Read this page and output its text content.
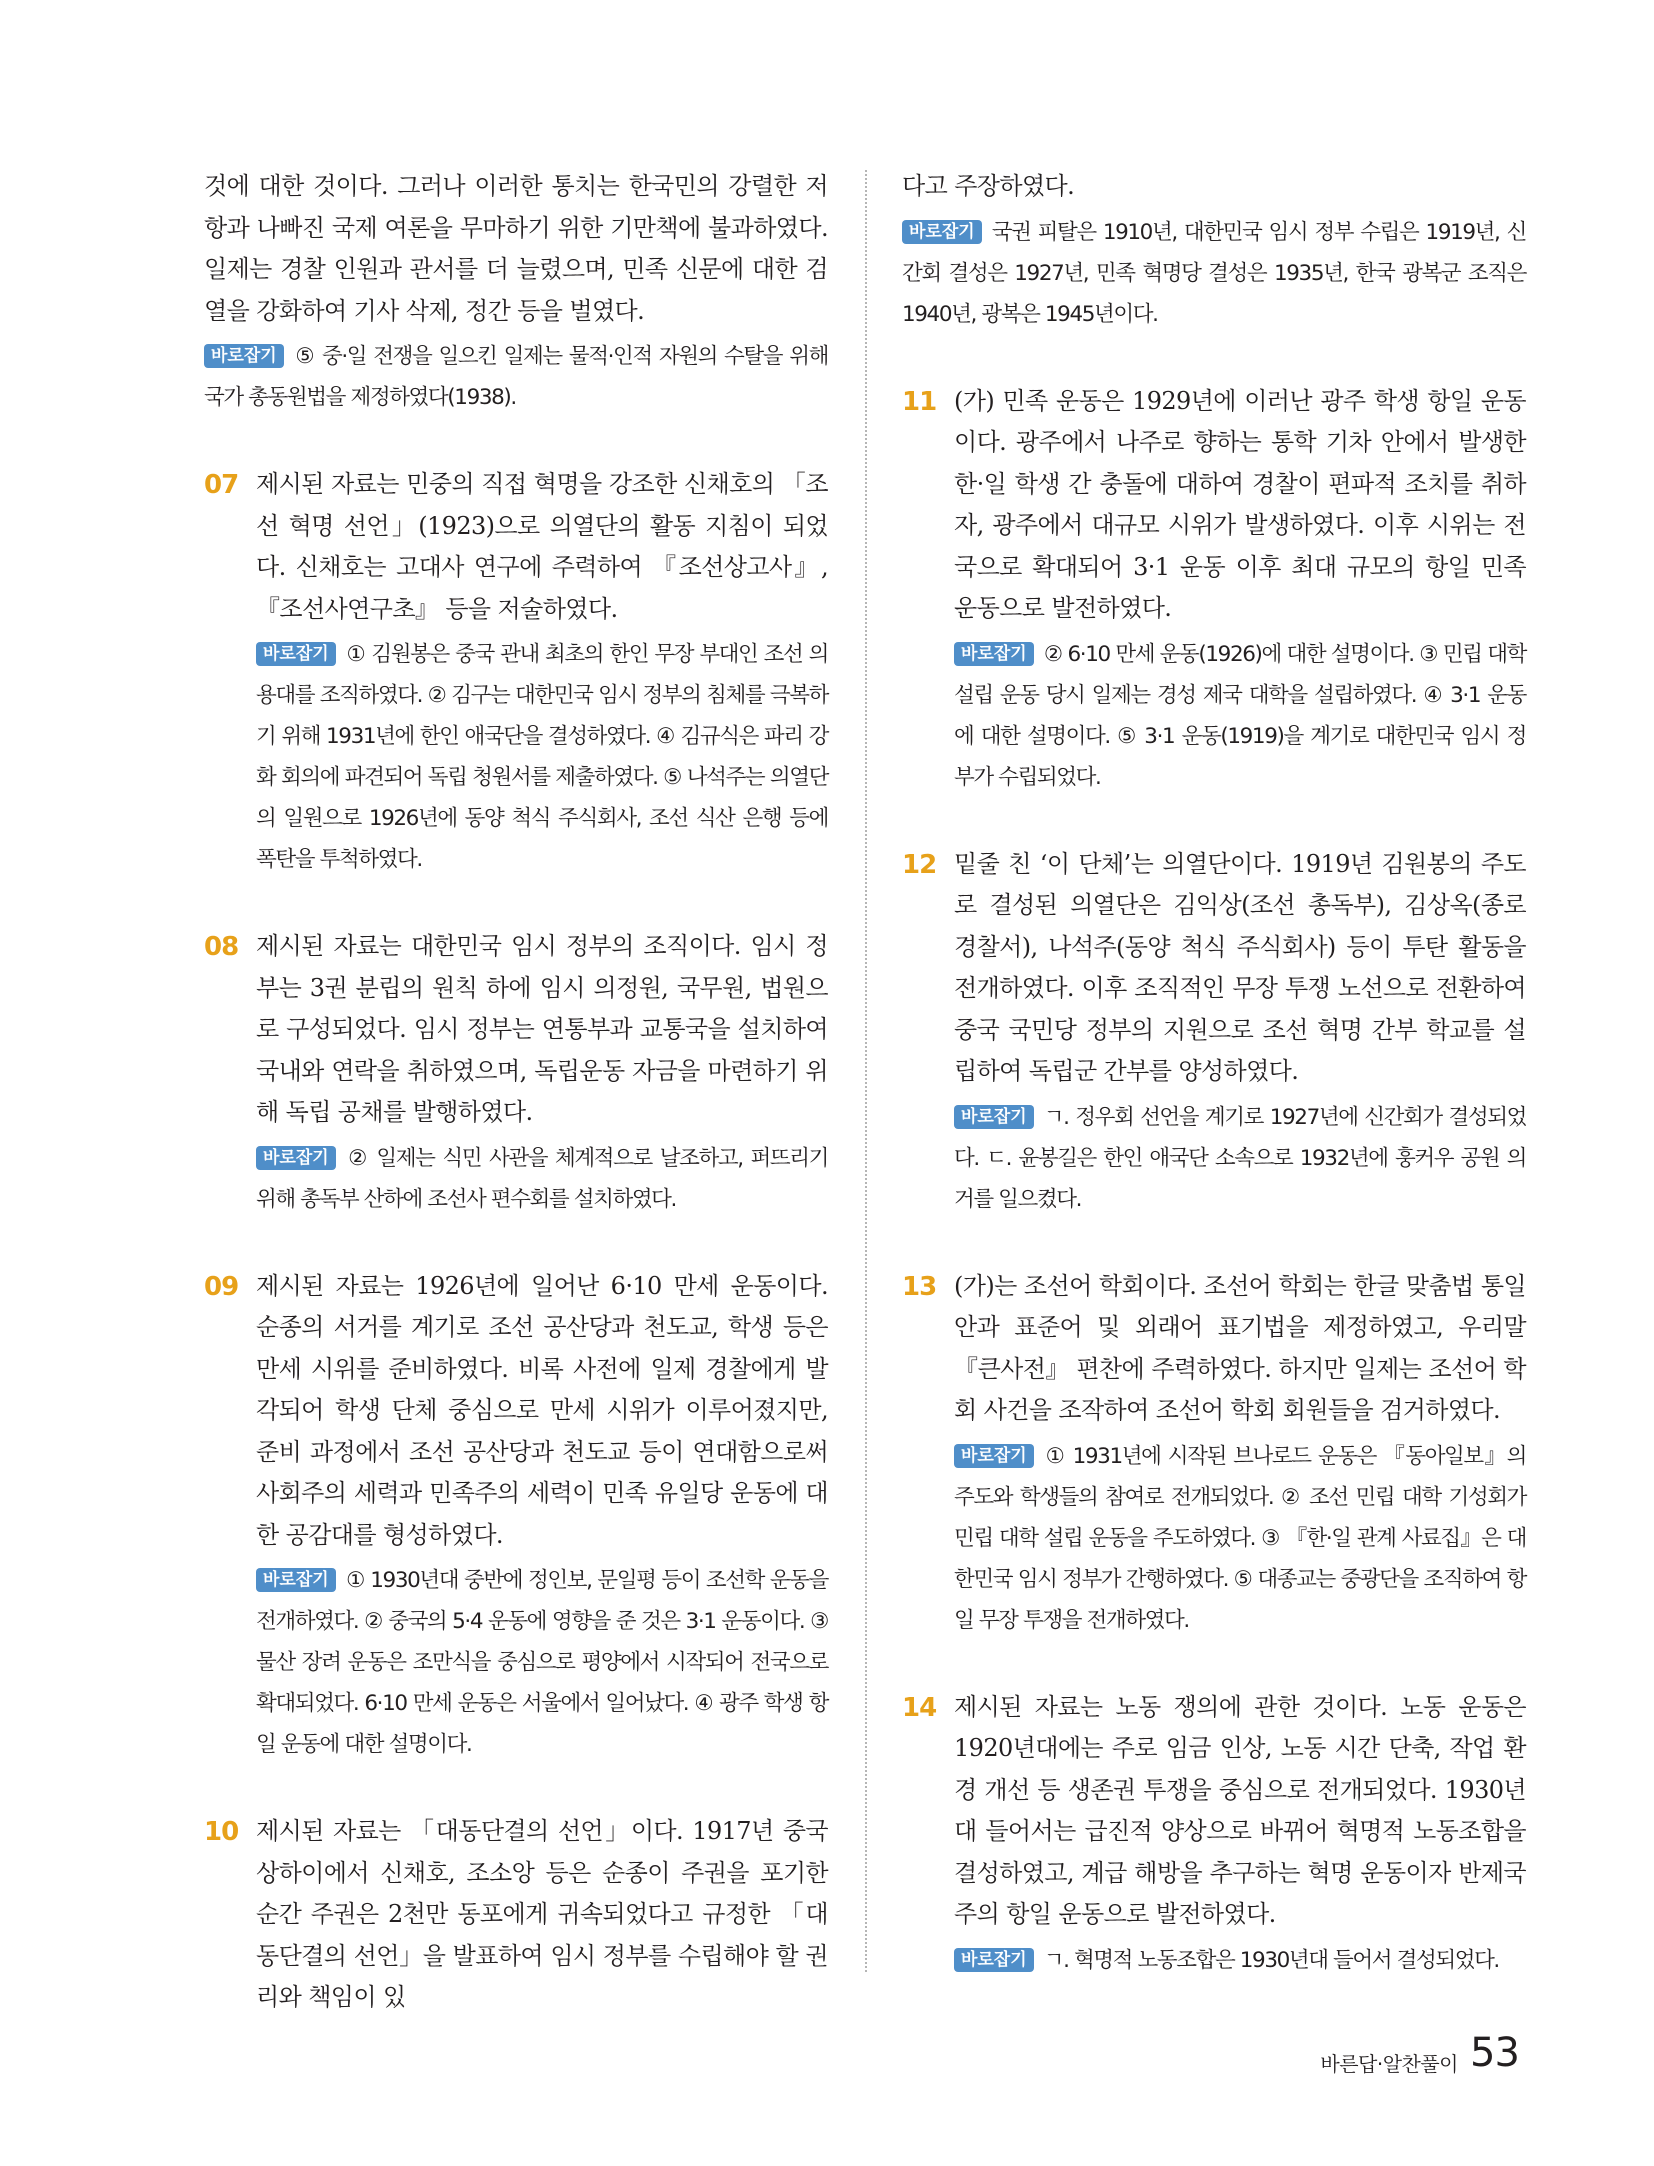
것에 대한 것이다. 그러나 이러한 통치는 한국민의 강렬한 저항과 나빠진 국제 여론을 무마하기 위한 기만책에 불과하였다. 일제는 경찰 인원과 관서를 더 늘렸으며, 민족 신문에 대한 검열을 강화하여 기사 삭제, 정간 등을 벌였다.

바로잡기 ⑤ 중·일 전쟁을 일으킨 일제는 물적·인적 자원의 수탈을 위해 국가 총동원법을 제정하였다(1938).

07 제시된 자료는 민중의 직접 혁명을 강조한 신채호의 「조선 혁명 선언」(1923)으로 의열단의 활동 지침이 되었다. 신채호는 고대사 연구에 주력하여 『조선상고사』, 『조선사연구초』 등을 저술하였다.

바로잡기 ① 김원봉은 중국 관내 최초의 한인 무장 부대인 조선 의용대를 조직하였다. ② 김구는 대한민국 임시 정부의 침체를 극복하기 위해 1931년에 한인 애국단을 결성하였다. ④ 김규식은 파리 강화 회의에 파견되어 독립 청원서를 제출하였다. ⑤ 나석주는 의열단의 일원으로 1926년에 동양 척식 주식회사, 조선 식산 은행 등에 폭탄을 투척하였다.

08 제시된 자료는 대한민국 임시 정부의 조직이다. 임시 정부는 3권 분립의 원칙 하에 임시 의정원, 국무원, 법원으로 구성되었다. 임시 정부는 연통부과 교통국을 설치하여 국내와 연락을 취하였으며, 독립운동 자금을 마련하기 위해 독립 공채를 발행하였다.

바로잡기 ② 일제는 식민 사관을 체계적으로 날조하고, 퍼뜨리기 위해 총독부 산하에 조선사 편수회를 설치하였다.

09 제시된 자료는 1926년에 일어난 6·10 만세 운동이다. 순종의 서거를 계기로 조선 공산당과 천도교, 학생 등은 만세 시위를 준비하였다. 비록 사전에 일제 경찰에게 발각되어 학생 단체 중심으로 만세 시위가 이루어졌지만, 준비 과정에서 조선 공산당과 천도교 등이 연대함으로써 사회주의 세력과 민족주의 세력이 민족 유일당 운동에 대한 공감대를 형성하였다.

바로잡기 ① 1930년대 중반에 정인보, 문일평 등이 조선학 운동을 전개하였다. ② 중국의 5·4 운동에 영향을 준 것은 3·1 운동이다. ③ 물산 장려 운동은 조만식을 중심으로 평양에서 시작되어 전국으로 확대되었다. 6·10 만세 운동은 서울에서 일어났다. ④ 광주 학생 항일 운동에 대한 설명이다.

10 제시된 자료는 「대동단결의 선언」이다. 1917년 중국 상하이에서 신채호, 조소앙 등은 순종이 주권을 포기한 순간 주권은 2천만 동포에게 귀속되었다고 규정한 「대동단결의 선언」을 발표하여 임시 정부를 수립해야 할 권리와 책임이 있

다고 주장하였다.

바로잡기 국권 피탈은 1910년, 대한민국 임시 정부 수립은 1919년, 신간회 결성은 1927년, 민족 혁명당 결성은 1935년, 한국 광복군 조직은 1940년, 광복은 1945년이다.

11 (가) 민족 운동은 1929년에 이러난 광주 학생 항일 운동이다. 광주에서 나주로 향하는 통학 기차 안에서 발생한 한·일 학생 간 충돌에 대하여 경찰이 편파적 조치를 취하자, 광주에서 대규모 시위가 발생하였다. 이후 시위는 전국으로 확대되어 3·1 운동 이후 최대 규모의 항일 민족 운동으로 발전하였다.

바로잡기 ② 6·10 만세 운동(1926)에 대한 설명이다. ③ 민립 대학 설립 운동 당시 일제는 경성 제국 대학을 설립하였다. ④ 3·1 운동에 대한 설명이다. ⑤ 3·1 운동(1919)을 계기로 대한민국 임시 정부가 수립되었다.

12 밑줄 친 ‘이 단체’는 의열단이다. 1919년 김원봉의 주도로 결성된 의열단은 김익상(조선 총독부), 김상옥(종로 경찰서), 나석주(동양 척식 주식회사) 등이 투탄 활동을 전개하였다. 이후 조직적인 무장 투쟁 노선으로 전환하여 중국 국민당 정부의 지원으로 조선 혁명 간부 학교를 설립하여 독립군 간부를 양성하였다.

바로잡기 ㄱ. 정우회 선언을 계기로 1927년에 신간회가 결성되었다. ㄷ. 윤봉길은 한인 애국단 소속으로 1932년에 훙커우 공원 의거를 일으켰다.

13 (가)는 조선어 학회이다. 조선어 학회는 한글 맞춤법 통일안과 표준어 및 외래어 표기법을 제정하였고, 우리말 『큰사전』 편찬에 주력하였다. 하지만 일제는 조선어 학회 사건을 조작하여 조선어 학회 회원들을 검거하였다.

바로잡기 ① 1931년에 시작된 브나로드 운동은 『동아일보』의 주도와 학생들의 참여로 전개되었다. ② 조선 민립 대학 기성회가 민립 대학 설립 운동을 주도하였다. ③ 『한·일 관계 사료집』은 대한민국 임시 정부가 간행하였다. ⑤ 대종교는 중광단을 조직하여 항일 무장 투쟁을 전개하였다.

14 제시된 자료는 노동 쟁의에 관한 것이다. 노동 운동은 1920년대에는 주로 임금 인상, 노동 시간 단축, 작업 환경 개선 등 생존권 투쟁을 중심으로 전개되었다. 1930년대 들어서는 급진적 양상으로 바뀌어 혁명적 노동조합을 결성하였고, 계급 해방을 추구하는 혁명 운동이자 반제국주의 항일 운동으로 발전하였다.

바로잡기 ㄱ. 혁명적 노동조합은 1930년대 들어서 결성되었다.

바른답·알찬풀이 53
